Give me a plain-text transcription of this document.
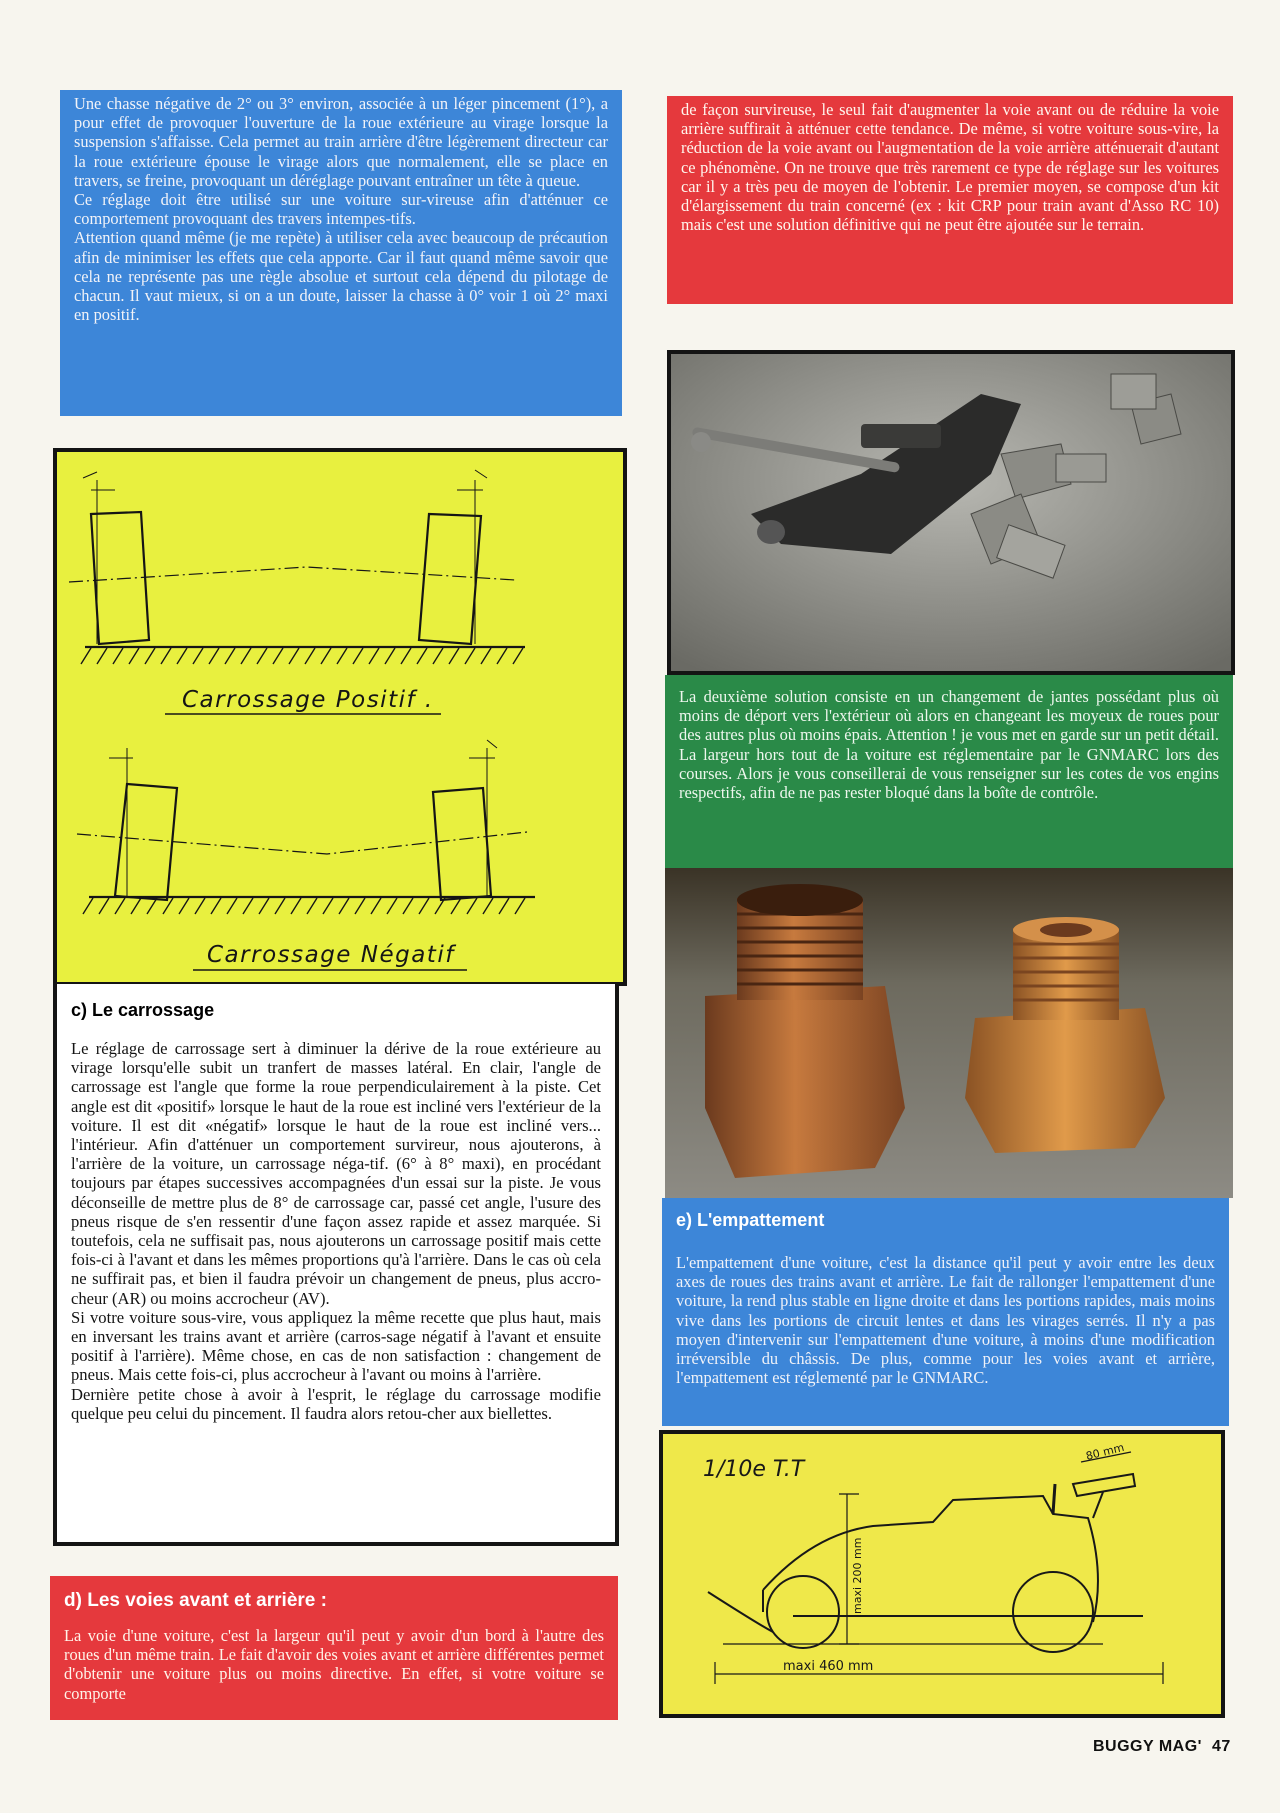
Une chasse négative de 2° ou 3° environ, associée à un léger pincement (1°), a pour effet de provoquer l'ouverture de la roue extérieure au virage lorsque la suspension s'affaisse. Cela permet au train arrière d'être légèrement directeur car la roue extérieure épouse le virage alors que normalement, elle se place en travers, se freine, provoquant un déréglage pouvant entraîner un tête à queue.
Ce réglage doit être utilisé sur une voiture sur-vireuse afin d'atténuer ce comportement provoquant des travers intempes-tifs.
Attention quand même (je me repète) à utiliser cela avec beaucoup de précaution afin de minimiser les effets que cela apporte. Car il faut quand même savoir que cela ne représente pas une règle absolue et surtout cela dépend du pilotage de chacun. Il vaut mieux, si on a un doute, laisser la chasse à 0° voir 1 où 2° maxi en positif.

de façon survireuse, le seul fait d'augmenter la voie avant ou de réduire la voie arrière suffirait à atténuer cette tendance. De même, si votre voiture sous-vire, la réduction de la voie avant ou l'augmentation de la voie arrière atténuerait d'autant ce phénomène. On ne trouve que très rarement ce type de réglage sur les voitures car il y a très peu de moyen de l'obtenir. Le premier moyen, se compose d'un kit d'élargissement du train concerné (ex : kit CRP pour train avant d'Asso RC 10) mais c'est une solution définitive qui ne peut être ajoutée sur le terrain.

Carrossage Positif .
Carrossage Négatif
c) Le carrossage

Le réglage de carrossage sert à diminuer la dérive de la roue extérieure au virage lorsqu'elle subit un tranfert de masses latéral. En clair, l'angle de carrossage est l'angle que forme la roue perpendiculairement à la piste. Cet angle est dit «positif» lorsque le haut de la roue est incliné vers l'extérieur de la voiture. Il est dit «négatif» lorsque le haut de la roue est incliné vers... l'intérieur. Afin d'atténuer un comportement survireur, nous ajouterons, à l'arrière de la voiture, un carrossage néga-tif. (6° à 8° maxi), en procédant toujours par étapes successives accompagnées d'un essai sur la piste. Je vous déconseille de mettre plus de 8° de carrossage car, passé cet angle, l'usure des pneus risque de s'en ressentir d'une façon assez rapide et assez marquée. Si toutefois, cela ne suffisait pas, nous ajouterons un carrossage positif mais cette fois-ci à l'avant et dans les mêmes proportions qu'à l'arrière. Dans le cas où cela ne suffirait pas, et bien il faudra prévoir un changement de pneus, plus accro-cheur (AR) ou moins accrocheur (AV).
Si votre voiture sous-vire, vous appliquez la même recette que plus haut, mais en inversant les trains avant et arrière (carros-sage négatif à l'avant et ensuite positif à l'arrière). Même chose, en cas de non satisfaction : changement de pneus. Mais cette fois-ci, plus accrocheur à l'avant ou moins à l'arrière.
Dernière petite chose à avoir à l'esprit, le réglage du carrossage modifie quelque peu celui du pincement. Il faudra alors retou-cher aux biellettes.

d) Les voies avant et arrière :

La voie d'une voiture, c'est la largeur qu'il peut y avoir d'un bord à l'autre des roues d'un même train. Le fait d'avoir des voies avant et arrière différentes permet d'obtenir une voiture plus ou moins directive. En effet, si votre voiture se comporte

La deuxième solution consiste en un changement de jantes possédant plus où moins de déport vers l'extérieur où alors en changeant les moyeux de roues pour des autres plus où moins épais. Attention ! je vous met en garde sur un petit détail. La largeur hors tout de la voiture est réglementaire par le GNMARC lors des courses. Alors je vous conseillerai de vous renseigner sur les cotes de vos engins respectifs, afin de ne pas rester bloqué dans la boîte de contrôle.

e) L'empattement

L'empattement d'une voiture, c'est la distance qu'il peut y avoir entre les deux axes de roues des trains avant et arrière. Le fait de rallonger l'empattement d'une voiture, la rend plus stable en ligne droite et dans les portions rapides, mais moins vive dans les portions de circuit lentes et dans les virages serrés. Il n'y a pas moyen d'intervenir sur l'empattement d'une voiture, à moins d'une modification irréversible du châssis. De plus, comme pour les voies avant et arrière, l'empattement est réglementé par le GNMARC.

1/10e T.T
80 mm
maxi 200 mm
maxi 460 mm
BUGGY MAG' 47
